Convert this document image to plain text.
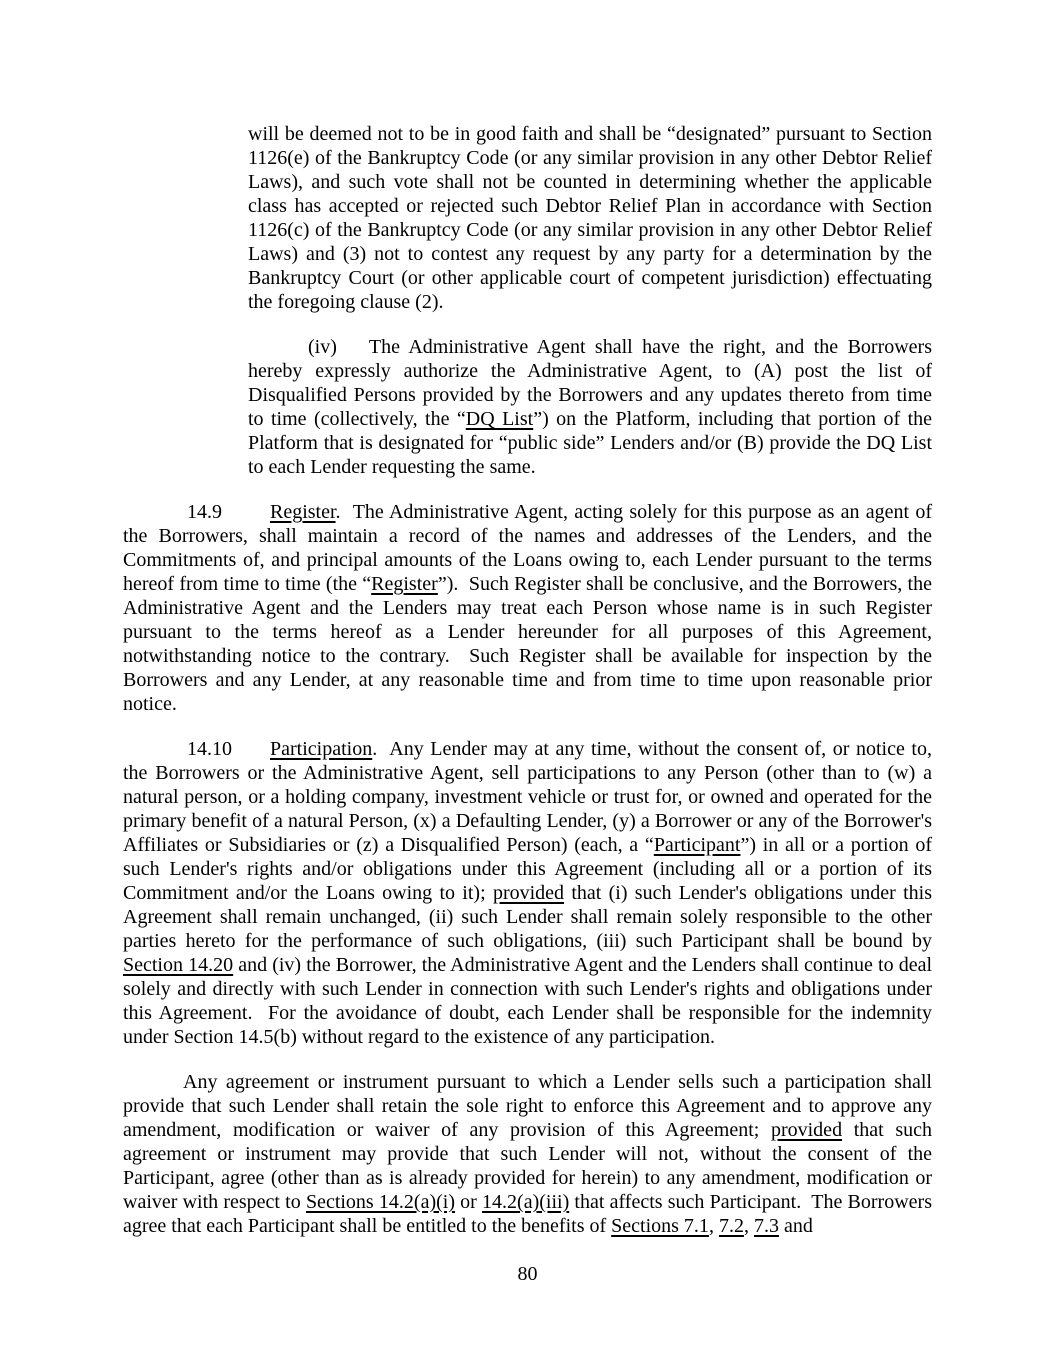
will be deemed not to be in good faith and shall be “designated” pursuant to Section 1126(e) of the Bankruptcy Code (or any similar provision in any other Debtor Relief Laws), and such vote shall not be counted in determining whether the applicable class has accepted or rejected such Debtor Relief Plan in accordance with Section 1126(c) of the Bankruptcy Code (or any similar provision in any other Debtor Relief Laws) and (3) not to contest any request by any party for a determination by the Bankruptcy Court (or other applicable court of competent jurisdiction) effectuating the foregoing clause (2).

(iv) The Administrative Agent shall have the right, and the Borrowers hereby expressly authorize the Administrative Agent, to (A) post the list of Disqualified Persons provided by the Borrowers and any updates thereto from time to time (collectively, the “DQ List”) on the Platform, including that portion of the Platform that is designated for “public side” Lenders and/or (B) provide the DQ List to each Lender requesting the same.

14.9 Register.  The Administrative Agent, acting solely for this purpose as an agent of the Borrowers, shall maintain a record of the names and addresses of the Lenders, and the Commitments of, and principal amounts of the Loans owing to, each Lender pursuant to the terms hereof from time to time (the “Register”).  Such Register shall be conclusive, and the Borrowers, the Administrative Agent and the Lenders may treat each Person whose name is in such Register pursuant to the terms hereof as a Lender hereunder for all purposes of this Agreement, notwithstanding notice to the contrary.  Such Register shall be available for inspection by the Borrowers and any Lender, at any reasonable time and from time to time upon reasonable prior notice.

14.10 Participation.  Any Lender may at any time, without the consent of, or notice to, the Borrowers or the Administrative Agent, sell participations to any Person (other than to (w) a natural person, or a holding company, investment vehicle or trust for, or owned and operated for the primary benefit of a natural Person, (x) a Defaulting Lender, (y) a Borrower or any of the Borrower's Affiliates or Subsidiaries or (z) a Disqualified Person) (each, a “Participant”) in all or a portion of such Lender's rights and/or obligations under this Agreement (including all or a portion of its Commitment and/or the Loans owing to it); provided that (i) such Lender's obligations under this Agreement shall remain unchanged, (ii) such Lender shall remain solely responsible to the other parties hereto for the performance of such obligations, (iii) such Participant shall be bound by Section 14.20 and (iv) the Borrower, the Administrative Agent and the Lenders shall continue to deal solely and directly with such Lender in connection with such Lender's rights and obligations under this Agreement.  For the avoidance of doubt, each Lender shall be responsible for the indemnity under Section 14.5(b) without regard to the existence of any participation.

Any agreement or instrument pursuant to which a Lender sells such a participation shall provide that such Lender shall retain the sole right to enforce this Agreement and to approve any amendment, modification or waiver of any provision of this Agreement; provided that such agreement or instrument may provide that such Lender will not, without the consent of the Participant, agree (other than as is already provided for herein) to any amendment, modification or waiver with respect to Sections 14.2(a)(i) or 14.2(a)(iii) that affects such Participant.  The Borrowers agree that each Participant shall be entitled to the benefits of Sections 7.1, 7.2, 7.3 and

80
